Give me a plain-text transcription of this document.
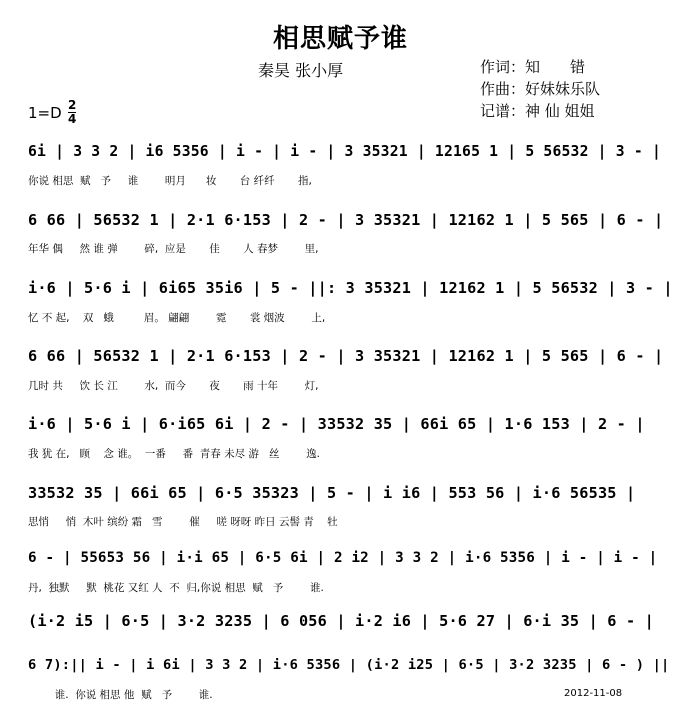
相思赋予谁
秦昊 张小厚	作词：知　　错
作曲：好妹妹乐队
记谱：神 仙 姐姐
1=D 2
4
6i | 3 3 2 | i6 5356 | i - | i - | 3 35321 | 12165 1 | 5 56532 | 3 - |
你说 相思  赋   予     谁        明月      妆       台 纤纤       指,
6 66 | 56532 1 | 2·1 6·153 | 2 - | 3 35321 | 12162 1 | 5 565 | 6 - |
年华 偶     然 谁 弹        碎,  应是       佳       人 春梦        里,
i·6 | 5·6 i | 6i65 35i6 | 5 - ||: 3 35321 | 12162 1 | 5 56532 | 3 - |
忆 不 起,    双   蛾         眉。 翩翩        霓       裳 烟波        上,
6 66 | 56532 1 | 2·1 6·153 | 2 - | 3 35321 | 12162 1 | 5 565 | 6 - |
几时 共     饮 长 江        水,  而今       夜       雨 十年        灯,
i·6 | 5·6 i | 6·i65 6i | 2 - | 33532 35 | 66i 65 | 1·6 153 | 2 - |
我 犹 在,   顾    念 谁。  一番     番  青春 未尽 游   丝        逸.
33532 35 | 66i 65 | 6·5 35323 | 5 - | i i6 | 553 56 | i·6 56535 |
思悄     悄  木叶 缤纷 霜   雪        催     嗟 呀呀 昨日 云髻 青    牡
6 - | 55653 56 | i·i 65 | 6·5 6i | 2 i2 | 3 3 2 | i·6 5356 | i - | i - |
丹,  独默     默  桃花 又红 人  不  归,你说 相思  赋   予        谁.
(i·2 i5 | 6·5 | 3·2 3235 | 6 056 | i·2 i6 | 5·6 27 | 6·i 35 | 6 - |
6 7):|| i - | i 6i | 3 3 2 | i·6 5356 | (i·2 i25 | 6·5 | 3·2 3235 | 6 - ) ||
谁.  你说 相思 他  赋   予        谁.	2012-11-08
